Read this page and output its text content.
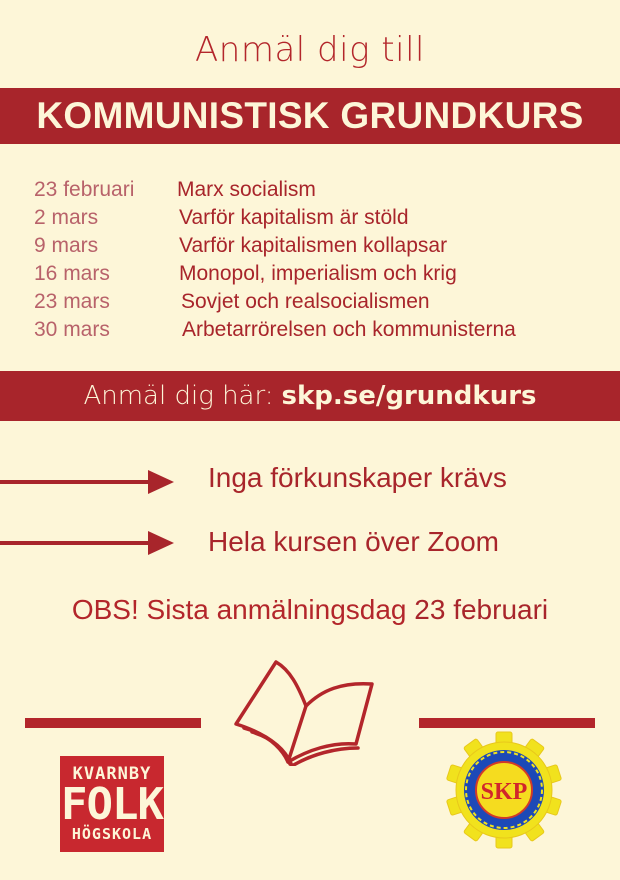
Anmäl dig till
KOMMUNISTISK GRUNDKURS
23 februari Marx socialism
2 mars	Varför kapitalism är stöld
9 mars	Varför kapitalismen kollapsar
16 mars	Monopol, imperialism och krig
23 mars	Sovjet och realsocialismen
30 mars	Arbetarrörelsen och kommunisterna
Anmäl dig här: skp.se/grundkurs
Inga förkunskaper krävs
Hela kursen över Zoom
OBS! Sista anmälningsdag 23 februari
KVARNBY
FOLK
HÖGSKOLA
SKP
